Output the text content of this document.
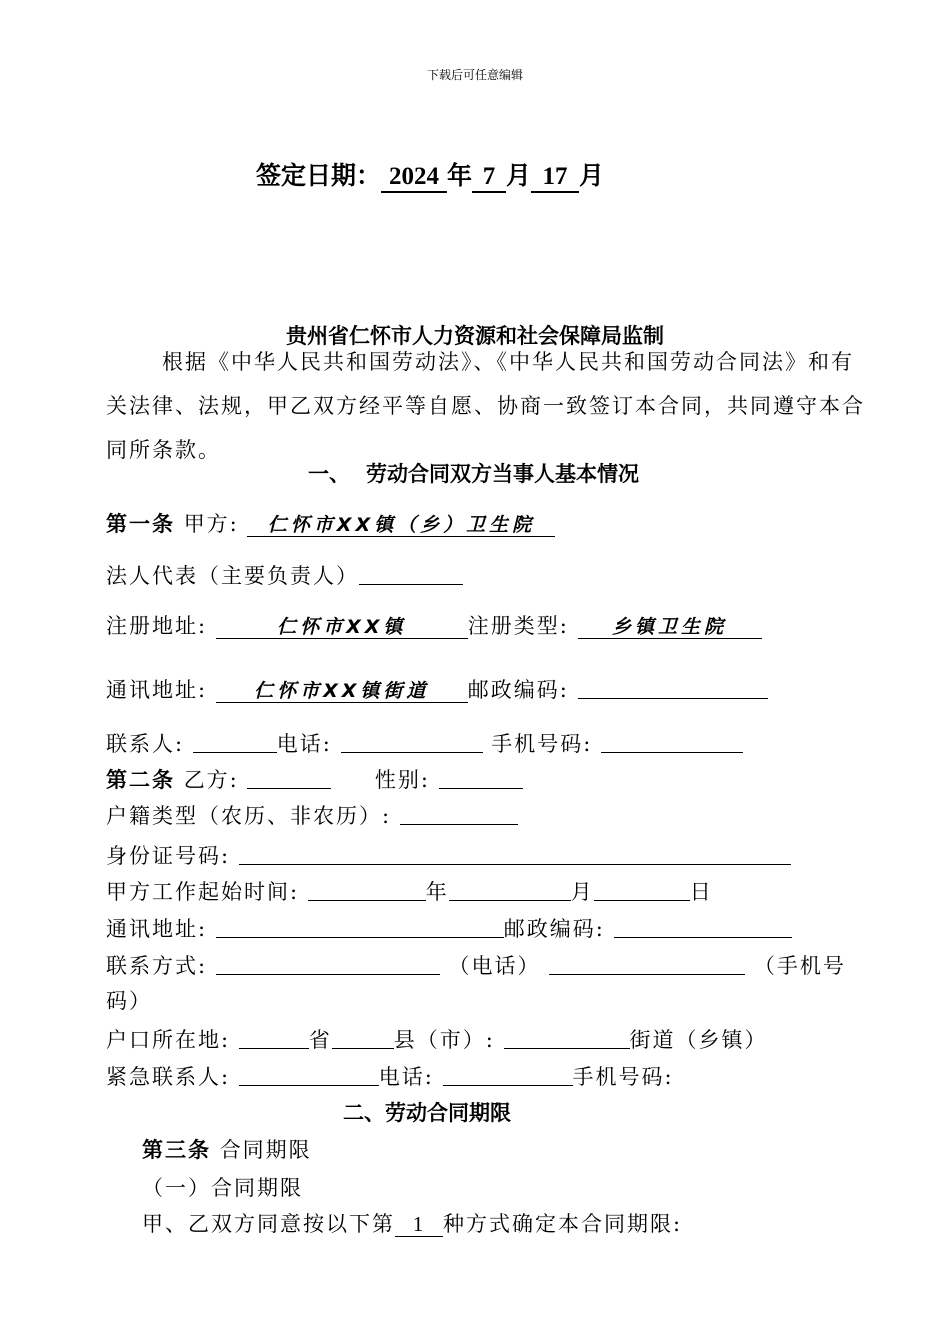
下载后可任意编辑
签定日期： 2024 年 7 月 17 月
贵州省仁怀市人力资源和社会保障局监制
根据《中华人民共和国劳动法》、《中华人民共和国劳动合同法》和有关法律、法规，甲乙双方经平等自愿、协商一致签订本合同，共同遵守本合同所条款。
一、 劳动合同双方当事人基本情况
第一条 甲方: 仁怀市XX镇（乡）卫生院
法人代表（主要负责人）
注册地址:	仁怀市XX镇	注册类型: 乡镇卫生院
通讯地址: 仁怀市XX镇街道 邮政编码:
联系人:	电话:	手机号码:
第二条 乙方:	性别:
户籍类型（农历、非农历）:
身份证号码:
甲方工作起始时间:	年	月	日
通讯地址:	邮政编码:
联系方式:	（电话）	（手机号
码）
户口所在地:	省	县（市）:	街道（乡镇）
紧急联系人:	电话:	手机号码:
二、劳动合同期限
第三条 合同期限
（一）合同期限
甲、乙双方同意按以下第 1 种方式确定本合同期限:
